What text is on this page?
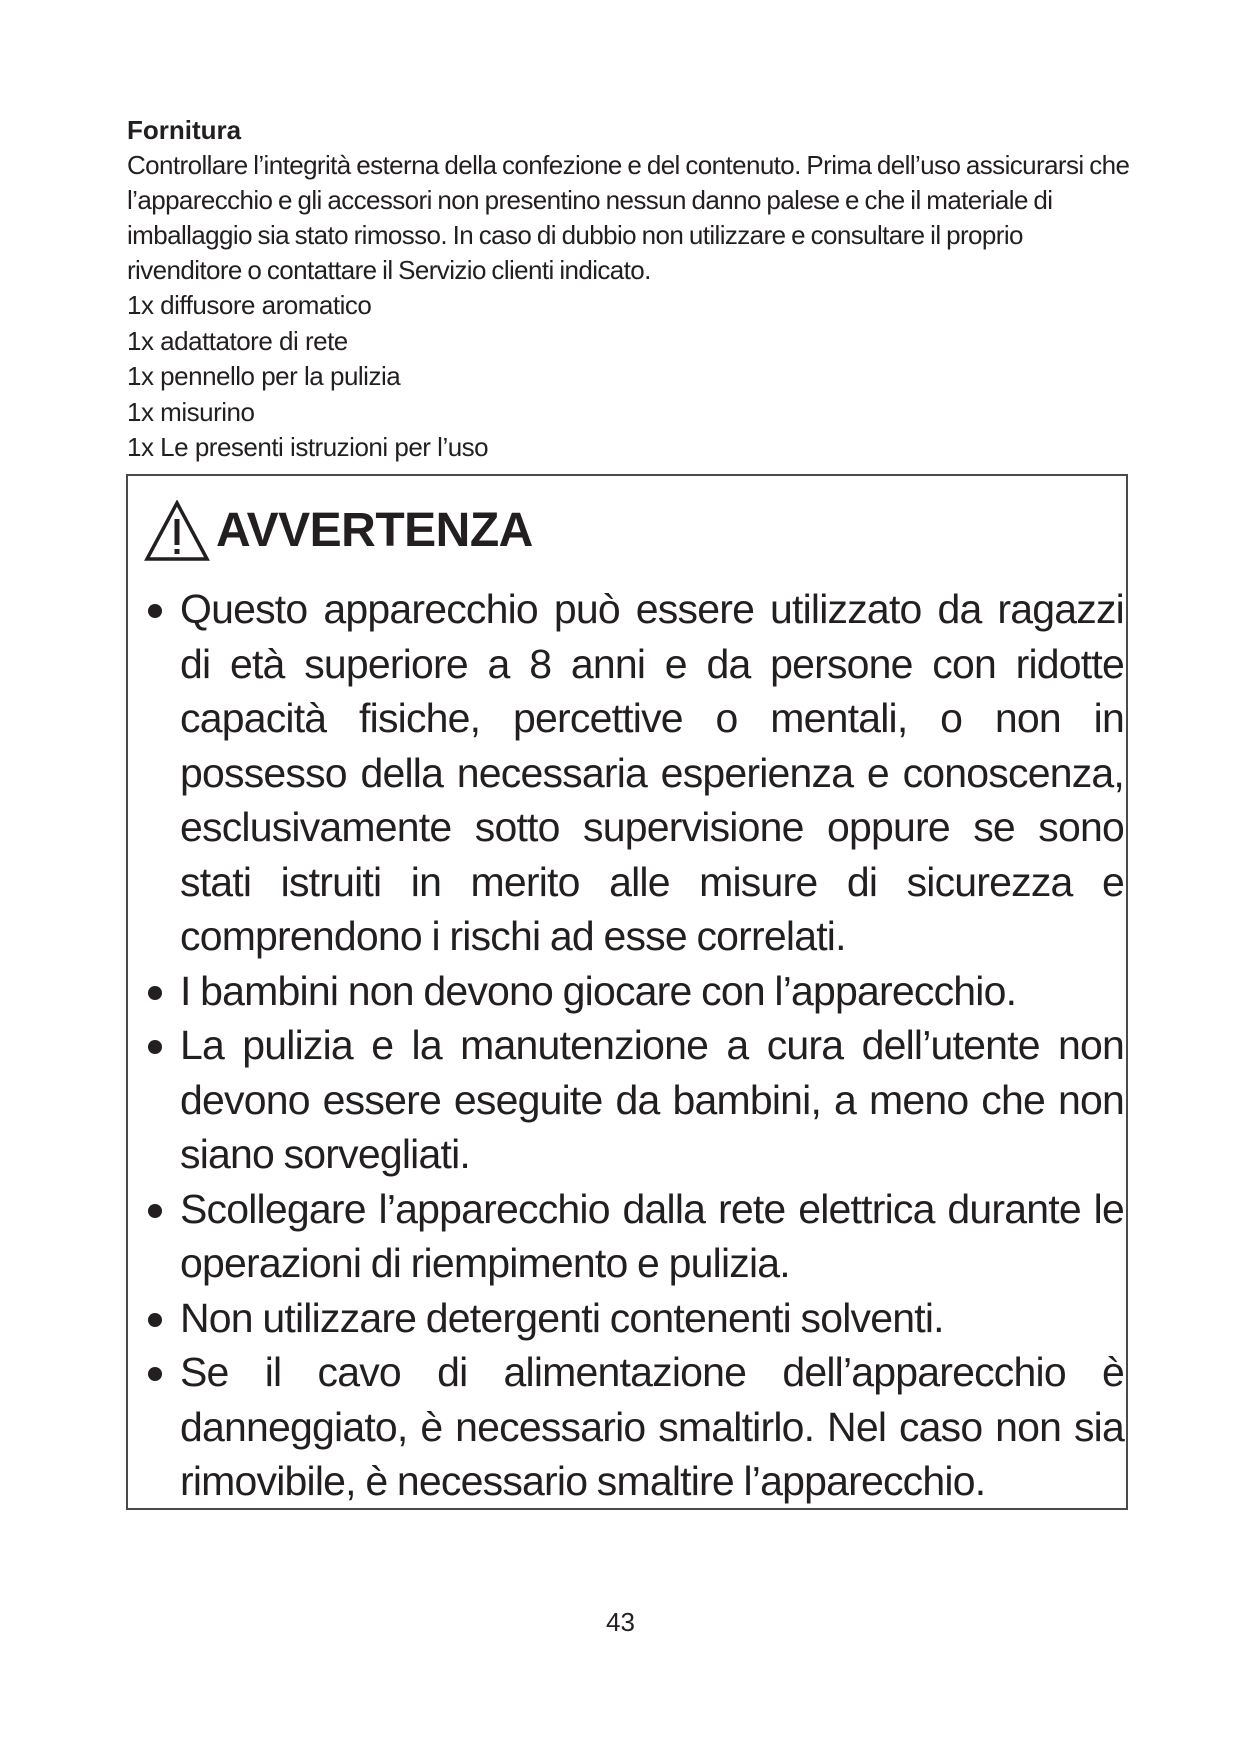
Fornitura

Controllare l’integrità esterna della confezione e del contenuto. Prima dell’uso assicurarsi che l’apparecchio e gli accessori non presentino nessun danno palese e che il materiale di imballaggio sia stato rimosso. In caso di dubbio non utilizzare e consultare il proprio rivenditore o contattare il Servizio clienti indicato.

1x diffusore aromatico
1x adattatore di rete
1x pennello per la pulizia
1x misurino
1x Le presenti istruzioni per l’uso
AVVERTENZA
Questo apparecchio può essere utilizzato da ragazzi di età superiore a 8 anni e da persone con ridotte capacità fisiche, percettive o mentali, o non in possesso della necessaria esperienza e conoscenza, esclusivamente sotto supervisione oppure se sono stati istruiti in merito alle misure di sicurezza e comprendono i rischi ad esse correlati.
I bambini non devono giocare con l’apparecchio.
La pulizia e la manutenzione a cura dell’utente non devono essere eseguite da bambini, a meno che non siano sorvegliati.
Scollegare l’apparecchio dalla rete elettrica durante le operazioni di riempimento e pulizia.
Non utilizzare detergenti contenenti solventi.
Se il cavo di alimentazione dell’apparecchio è danneggiato, è necessario smaltirlo. Nel caso non sia rimovibile, è necessario smaltire l’apparecchio.
43
